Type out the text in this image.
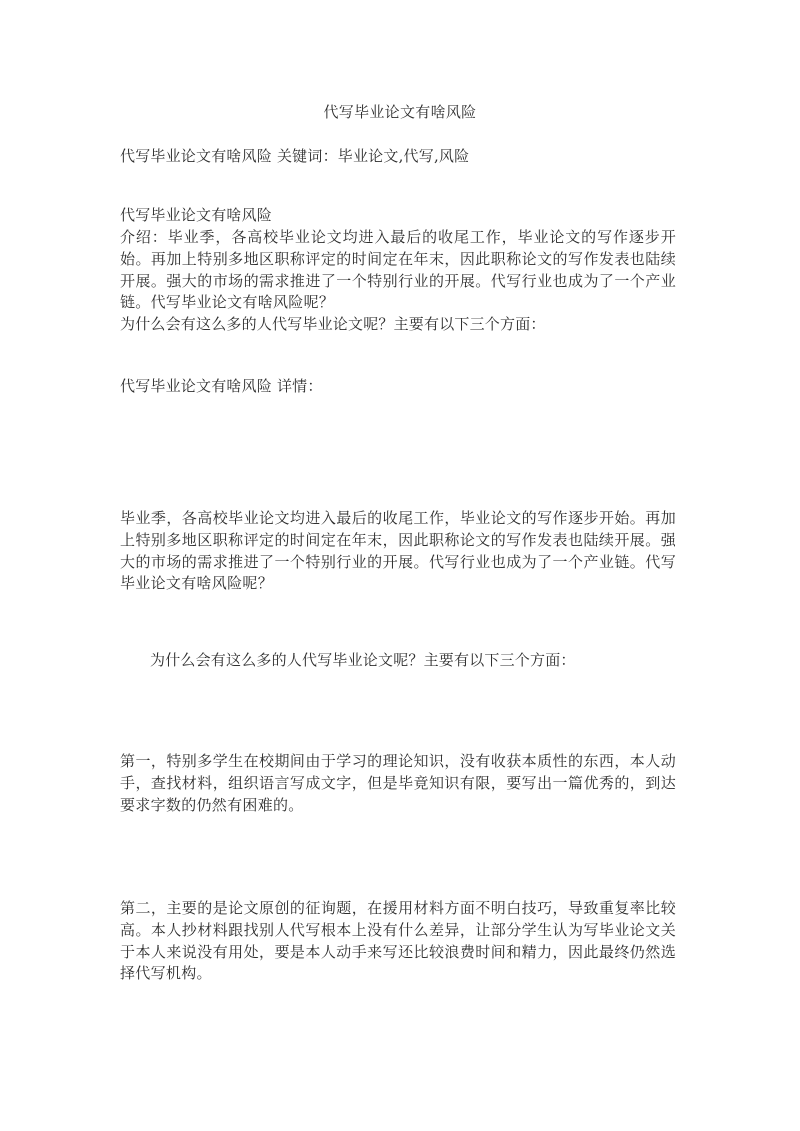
代写毕业论文有啥风险
代写毕业论文有啥风险 关键词：毕业论文,代写,风险
代写毕业论文有啥风险
介绍：毕业季，各高校毕业论文均进入最后的收尾工作，毕业论文的写作逐步开始。再加上特别多地区职称评定的时间定在年末，因此职称论文的写作发表也陆续开展。强大的市场的需求推进了一个特别行业的开展。代写行业也成为了一个产业链。代写毕业论文有啥风险呢？
为什么会有这么多的人代写毕业论文呢？主要有以下三个方面：
代写毕业论文有啥风险 详情：
毕业季，各高校毕业论文均进入最后的收尾工作，毕业论文的写作逐步开始。再加上特别多地区职称评定的时间定在年末，因此职称论文的写作发表也陆续开展。强大的市场的需求推进了一个特别行业的开展。代写行业也成为了一个产业链。代写毕业论文有啥风险呢？
为什么会有这么多的人代写毕业论文呢？主要有以下三个方面：
第一，特别多学生在校期间由于学习的理论知识，没有收获本质性的东西，本人动手，查找材料，组织语言写成文字，但是毕竟知识有限，要写出一篇优秀的，到达要求字数的仍然有困难的。
第二，主要的是论文原创的征询题，在援用材料方面不明白技巧，导致重复率比较高。本人抄材料跟找别人代写根本上没有什么差异，让部分学生认为写毕业论文关于本人来说没有用处，要是本人动手来写还比较浪费时间和精力，因此最终仍然选择代写机构。
